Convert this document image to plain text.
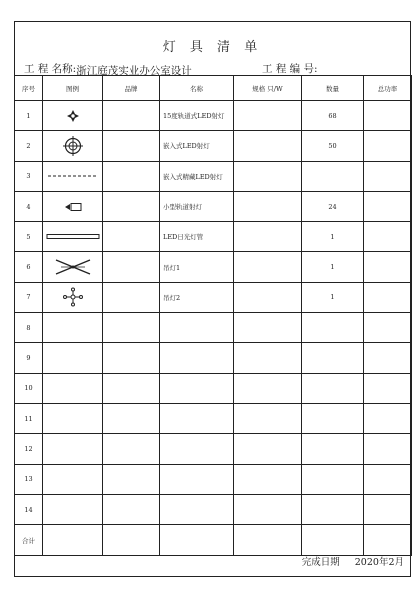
灯 具 清 单
工 程 名称:浙江庭茂实业办公室设计	工 程 编 号:
序号	图例	品牌	名称	规格 只/W	数量	总功率
1			15度轨道式LED射灯		68	
2			嵌入式LED射灯		50	
3			嵌入式精藏LED射灯			
4			小型轨道射灯		24	
5			LED日光灯管		1	
6			吊灯1		1	
7			吊灯2		1	
8						
9						
10						
11						
12						
13						
14						
合计						
完成日期 2020年2月
